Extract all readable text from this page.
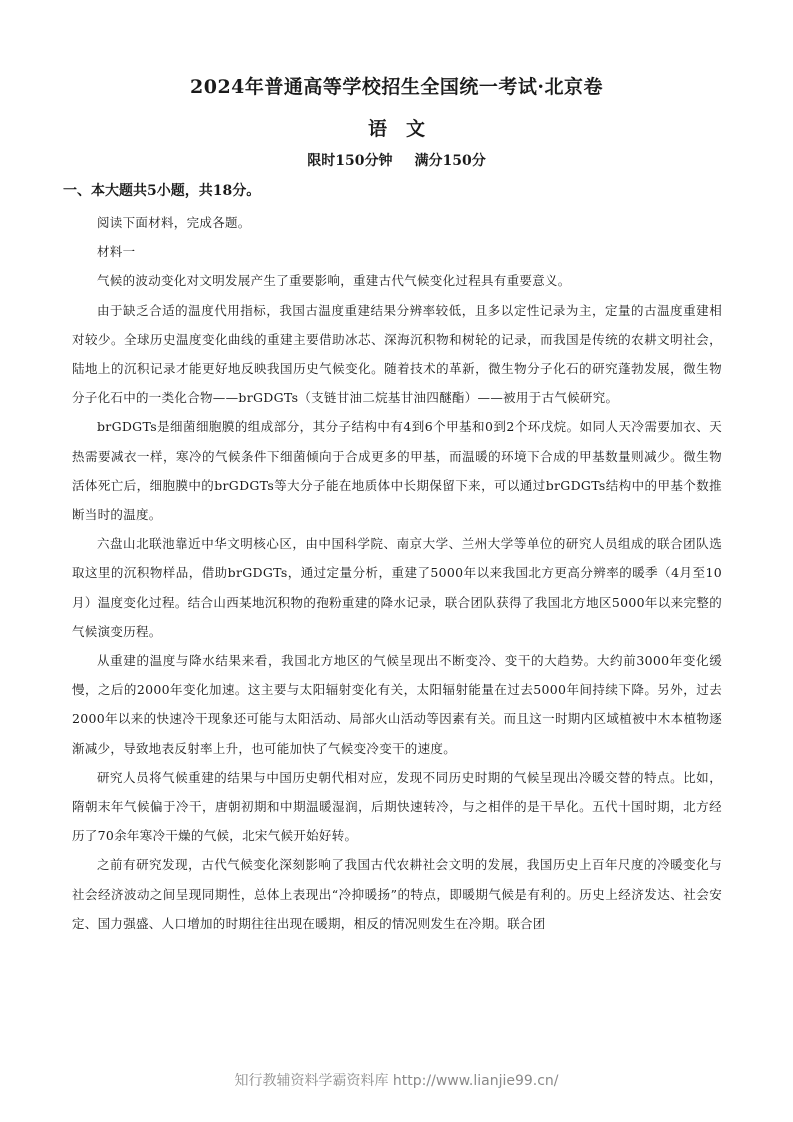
2024年普通高等学校招生全国统一考试·北京卷
语　文
限时150分钟 满分150分
一、本大题共5小题，共18分。

阅读下面材料，完成各题。

材料一

气候的波动变化对文明发展产生了重要影响，重建古代气候变化过程具有重要意义。

由于缺乏合适的温度代用指标，我国古温度重建结果分辨率较低，且多以定性记录为主，定量的古温度重建相对较少。全球历史温度变化曲线的重建主要借助冰芯、深海沉积物和树轮的记录，而我国是传统的农耕文明社会，陆地上的沉积记录才能更好地反映我国历史气候变化。随着技术的革新，微生物分子化石的研究蓬勃发展，微生物分子化石中的一类化合物——brGDGTs（支链甘油二烷基甘油四醚酯）——被用于古气候研究。

brGDGTs是细菌细胞膜的组成部分，其分子结构中有4到6个甲基和0到2个环戊烷。如同人天冷需要加衣、天热需要减衣一样，寒冷的气候条件下细菌倾向于合成更多的甲基，而温暖的环境下合成的甲基数量则减少。微生物活体死亡后，细胞膜中的brGDGTs等大分子能在地质体中长期保留下来，可以通过brGDGTs结构中的甲基个数推断当时的温度。

六盘山北联池靠近中华文明核心区，由中国科学院、南京大学、兰州大学等单位的研究人员组成的联合团队选取这里的沉积物样品，借助brGDGTs，通过定量分析，重建了5000年以来我国北方更高分辨率的暖季（4月至10月）温度变化过程。结合山西某地沉积物的孢粉重建的降水记录，联合团队获得了我国北方地区5000年以来完整的气候演变历程。

从重建的温度与降水结果来看，我国北方地区的气候呈现出不断变冷、变干的大趋势。大约前3000年变化缓慢，之后的2000年变化加速。这主要与太阳辐射变化有关，太阳辐射能量在过去5000年间持续下降。另外，过去2000年以来的快速冷干现象还可能与太阳活动、局部火山活动等因素有关。而且这一时期内区域植被中木本植物逐渐减少，导致地表反射率上升，也可能加快了气候变冷变干的速度。

研究人员将气候重建的结果与中国历史朝代相对应，发现不同历史时期的气候呈现出冷暖交替的特点。比如，隋朝末年气候偏于冷干，唐朝初期和中期温暖湿润，后期快速转冷，与之相伴的是干旱化。五代十国时期，北方经历了70余年寒冷干燥的气候，北宋气候开始好转。

之前有研究发现，古代气候变化深刻影响了我国古代农耕社会文明的发展，我国历史上百年尺度的冷暖变化与社会经济波动之间呈现同期性，总体上表现出“冷抑暖扬”的特点，即暖期气候是有利的。历史上经济发达、社会安定、国力强盛、人口增加的时期往往出现在暖期，相反的情况则发生在冷期。联合团

知行教辅资料学霸资料库 http://www.lianjie99.cn/
